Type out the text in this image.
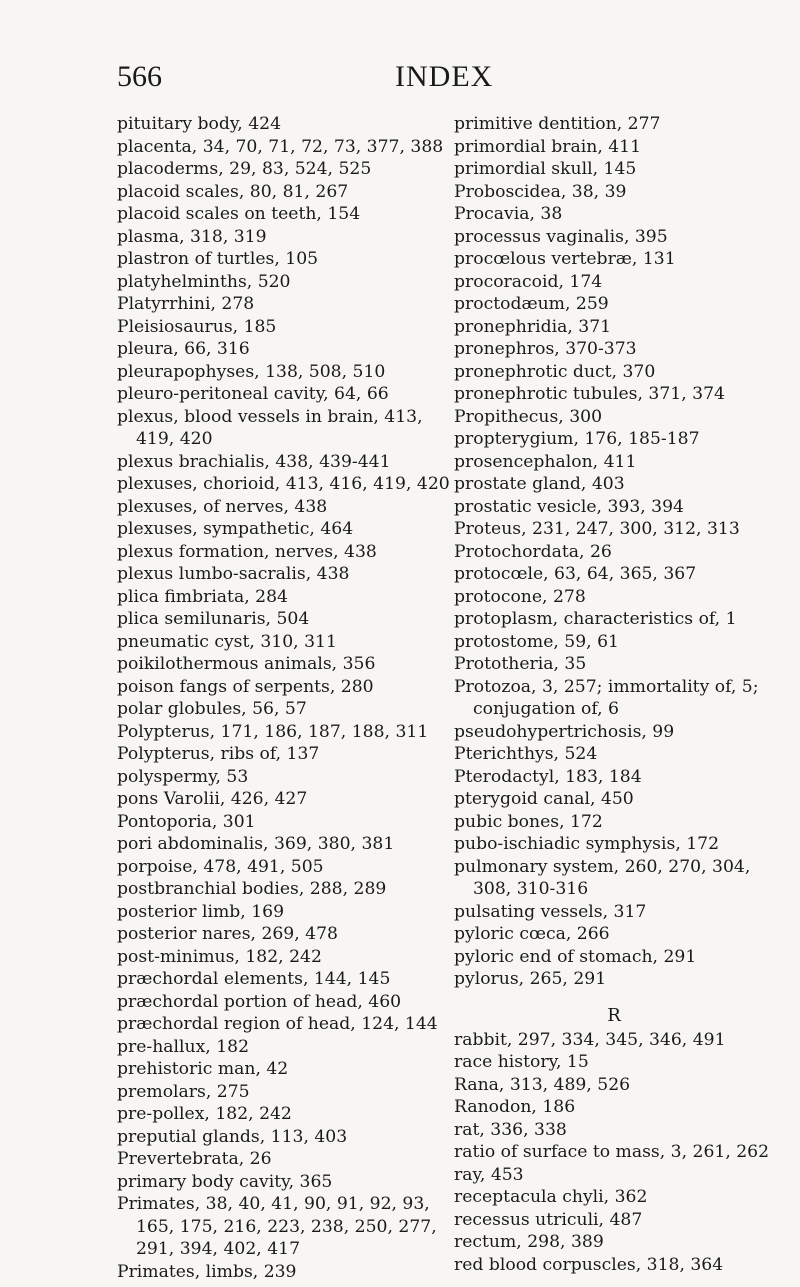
566	INDEX
pituitary body, 424
placenta, 34, 70, 71, 72, 73, 377, 388
placoderms, 29, 83, 524, 525
placoid scales, 80, 81, 267
placoid scales on teeth, 154
plasma, 318, 319
plastron of turtles, 105
platyhelminths, 520
Platyrrhini, 278
Pleisiosaurus, 185
pleura, 66, 316
pleurapophyses, 138, 508, 510
pleuro-peritoneal cavity, 64, 66
plexus, blood vessels in brain, 413,
419, 420
plexus brachialis, 438, 439-441
plexuses, chorioid, 413, 416, 419, 420
plexuses, of nerves, 438
plexuses, sympathetic, 464
plexus formation, nerves, 438
plexus lumbo-sacralis, 438
plica fimbriata, 284
plica semilunaris, 504
pneumatic cyst, 310, 311
poikilothermous animals, 356
poison fangs of serpents, 280
polar globules, 56, 57
Polypterus, 171, 186, 187, 188, 311
Polypterus, ribs of, 137
polyspermy, 53
pons Varolii, 426, 427
Pontoporia, 301
pori abdominalis, 369, 380, 381
porpoise, 478, 491, 505
postbranchial bodies, 288, 289
posterior limb, 169
posterior nares, 269, 478
post-minimus, 182, 242
præchordal elements, 144, 145
præchordal portion of head, 460
præchordal region of head, 124, 144
pre-hallux, 182
prehistoric man, 42
premolars, 275
pre-pollex, 182, 242
preputial glands, 113, 403
Prevertebrata, 26
primary body cavity, 365
Primates, 38, 40, 41, 90, 91, 92, 93,
165, 175, 216, 223, 238, 250, 277,
291, 394, 402, 417
Primates, limbs, 239
primitive dentition, 277
primordial brain, 411
primordial skull, 145
Proboscidea, 38, 39
Procavia, 38
processus vaginalis, 395
procœlous vertebræ, 131
procoracoid, 174
proctodæum, 259
pronephridia, 371
pronephros, 370-373
pronephrotic duct, 370
pronephrotic tubules, 371, 374
Propithecus, 300
propterygium, 176, 185-187
prosencephalon, 411
prostate gland, 403
prostatic vesicle, 393, 394
Proteus, 231, 247, 300, 312, 313
Protochordata, 26
protocœle, 63, 64, 365, 367
protocone, 278
protoplasm, characteristics of, 1
protostome, 59, 61
Prototheria, 35
Protozoa, 3, 257; immortality of, 5;
conjugation of, 6
pseudohypertrichosis, 99
Pterichthys, 524
Pterodactyl, 183, 184
pterygoid canal, 450
pubic bones, 172
pubo-ischiadic symphysis, 172
pulmonary system, 260, 270, 304,
308, 310-316
pulsating vessels, 317
pyloric cœca, 266
pyloric end of stomach, 291
pylorus, 265, 291
R
rabbit, 297, 334, 345, 346, 491
race history, 15
Rana, 313, 489, 526
Ranodon, 186
rat, 336, 338
ratio of surface to mass, 3, 261, 262
ray, 453
receptacula chyli, 362
recessus utriculi, 487
rectum, 298, 389
red blood corpuscles, 318, 364
